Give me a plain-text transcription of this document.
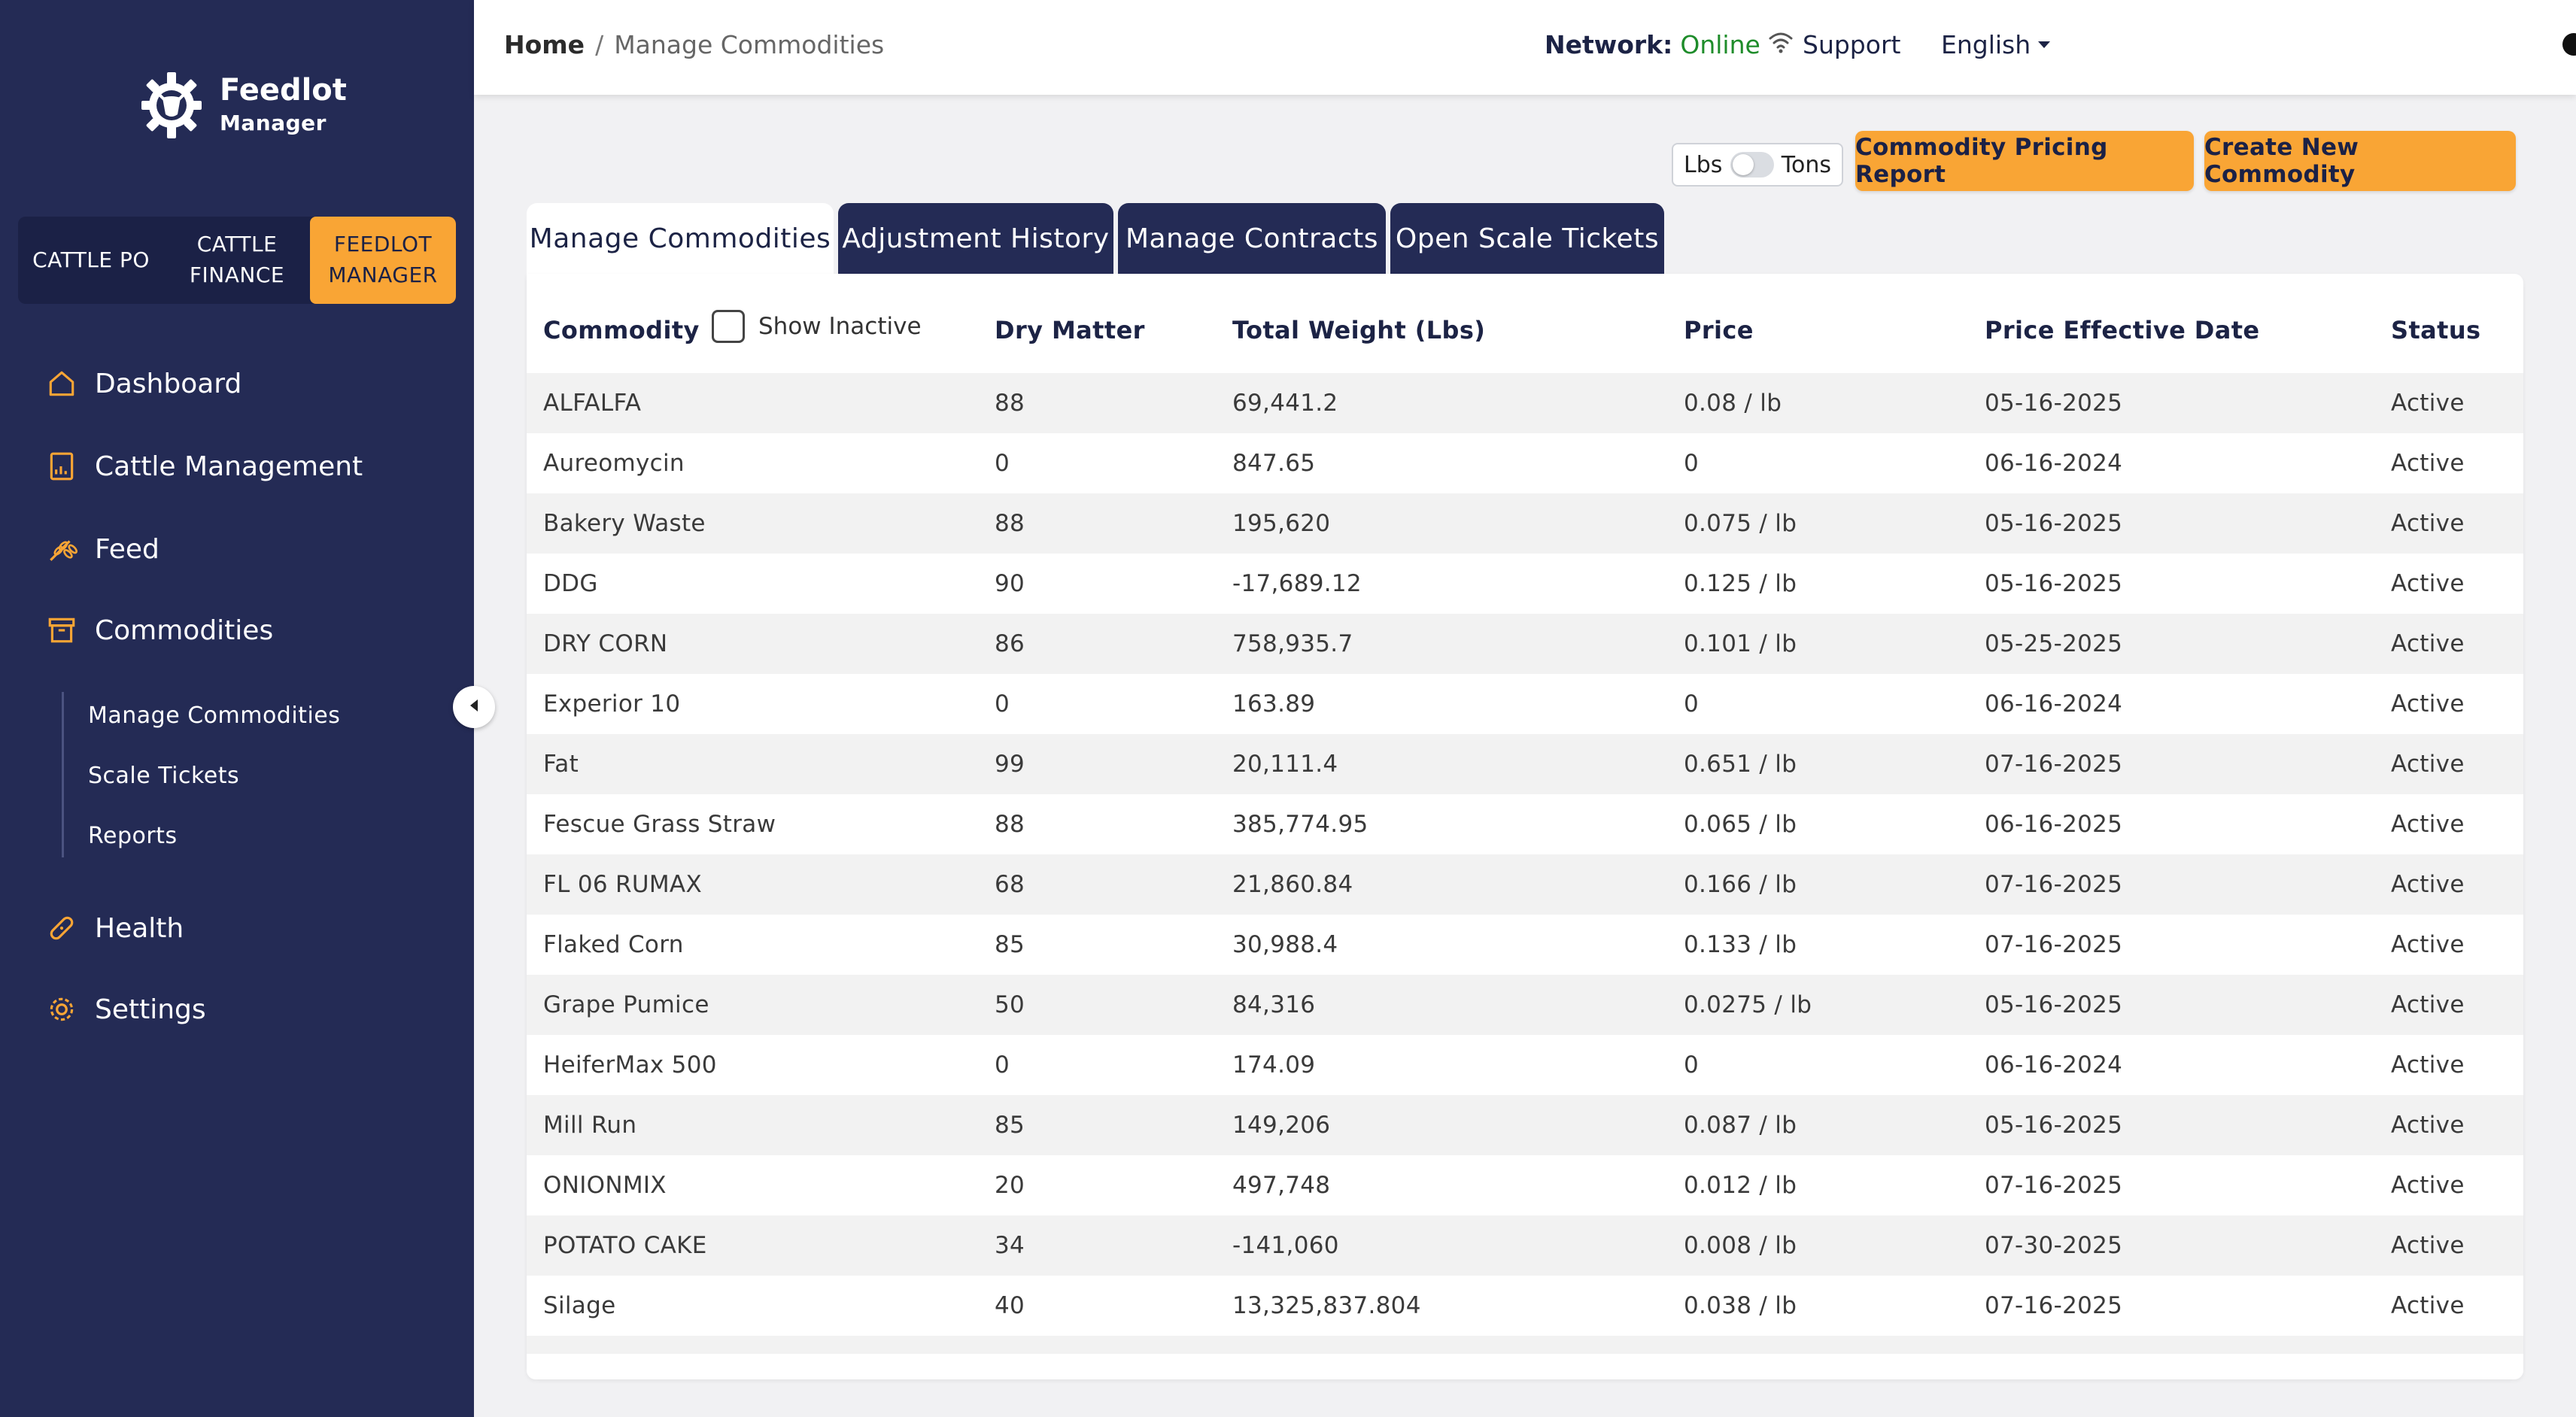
Feedlot
Manager
CATTLE PO
CATTLE
FINANCE
FEEDLOT
MANAGER
Dashboard
Cattle Management
Feed
Commodities
Manage Commodities
Scale Tickets
Reports
Health
Settings
Home / Manage Commodities	Network: Online Support English
Lbs	Tons
Commodity Pricing Report
Create New Commodity
Manage Commodities Adjustment History Manage Contracts Open Scale Tickets
Commodity	Show Inactive	Dry Matter	Total Weight (Lbs)	Price	Price Effective Date	Status
ALFALFA	88	69,441.2	0.08 / lb	05-16-2025	Active
Aureomycin	0	847.65	0	06-16-2024	Active
Bakery Waste	88	195,620	0.075 / lb	05-16-2025	Active
DDG	90	-17,689.12	0.125 / lb	05-16-2025	Active
DRY CORN	86	758,935.7	0.101 / lb	05-25-2025	Active
Experior 10	0	163.89	0	06-16-2024	Active
Fat	99	20,111.4	0.651 / lb	07-16-2025	Active
Fescue Grass Straw	88	385,774.95	0.065 / lb	06-16-2025	Active
FL 06 RUMAX	68	21,860.84	0.166 / lb	07-16-2025	Active
Flaked Corn	85	30,988.4	0.133 / lb	07-16-2025	Active
Grape Pumice	50	84,316	0.0275 / lb	05-16-2025	Active
HeiferMax 500	0	174.09	0	06-16-2024	Active
Mill Run	85	149,206	0.087 / lb	05-16-2025	Active
ONIONMIX	20	497,748	0.012 / lb	07-16-2025	Active
POTATO CAKE	34	-141,060	0.008 / lb	07-30-2025	Active
Silage	40	13,325,837.804	0.038 / lb	07-16-2025	Active
